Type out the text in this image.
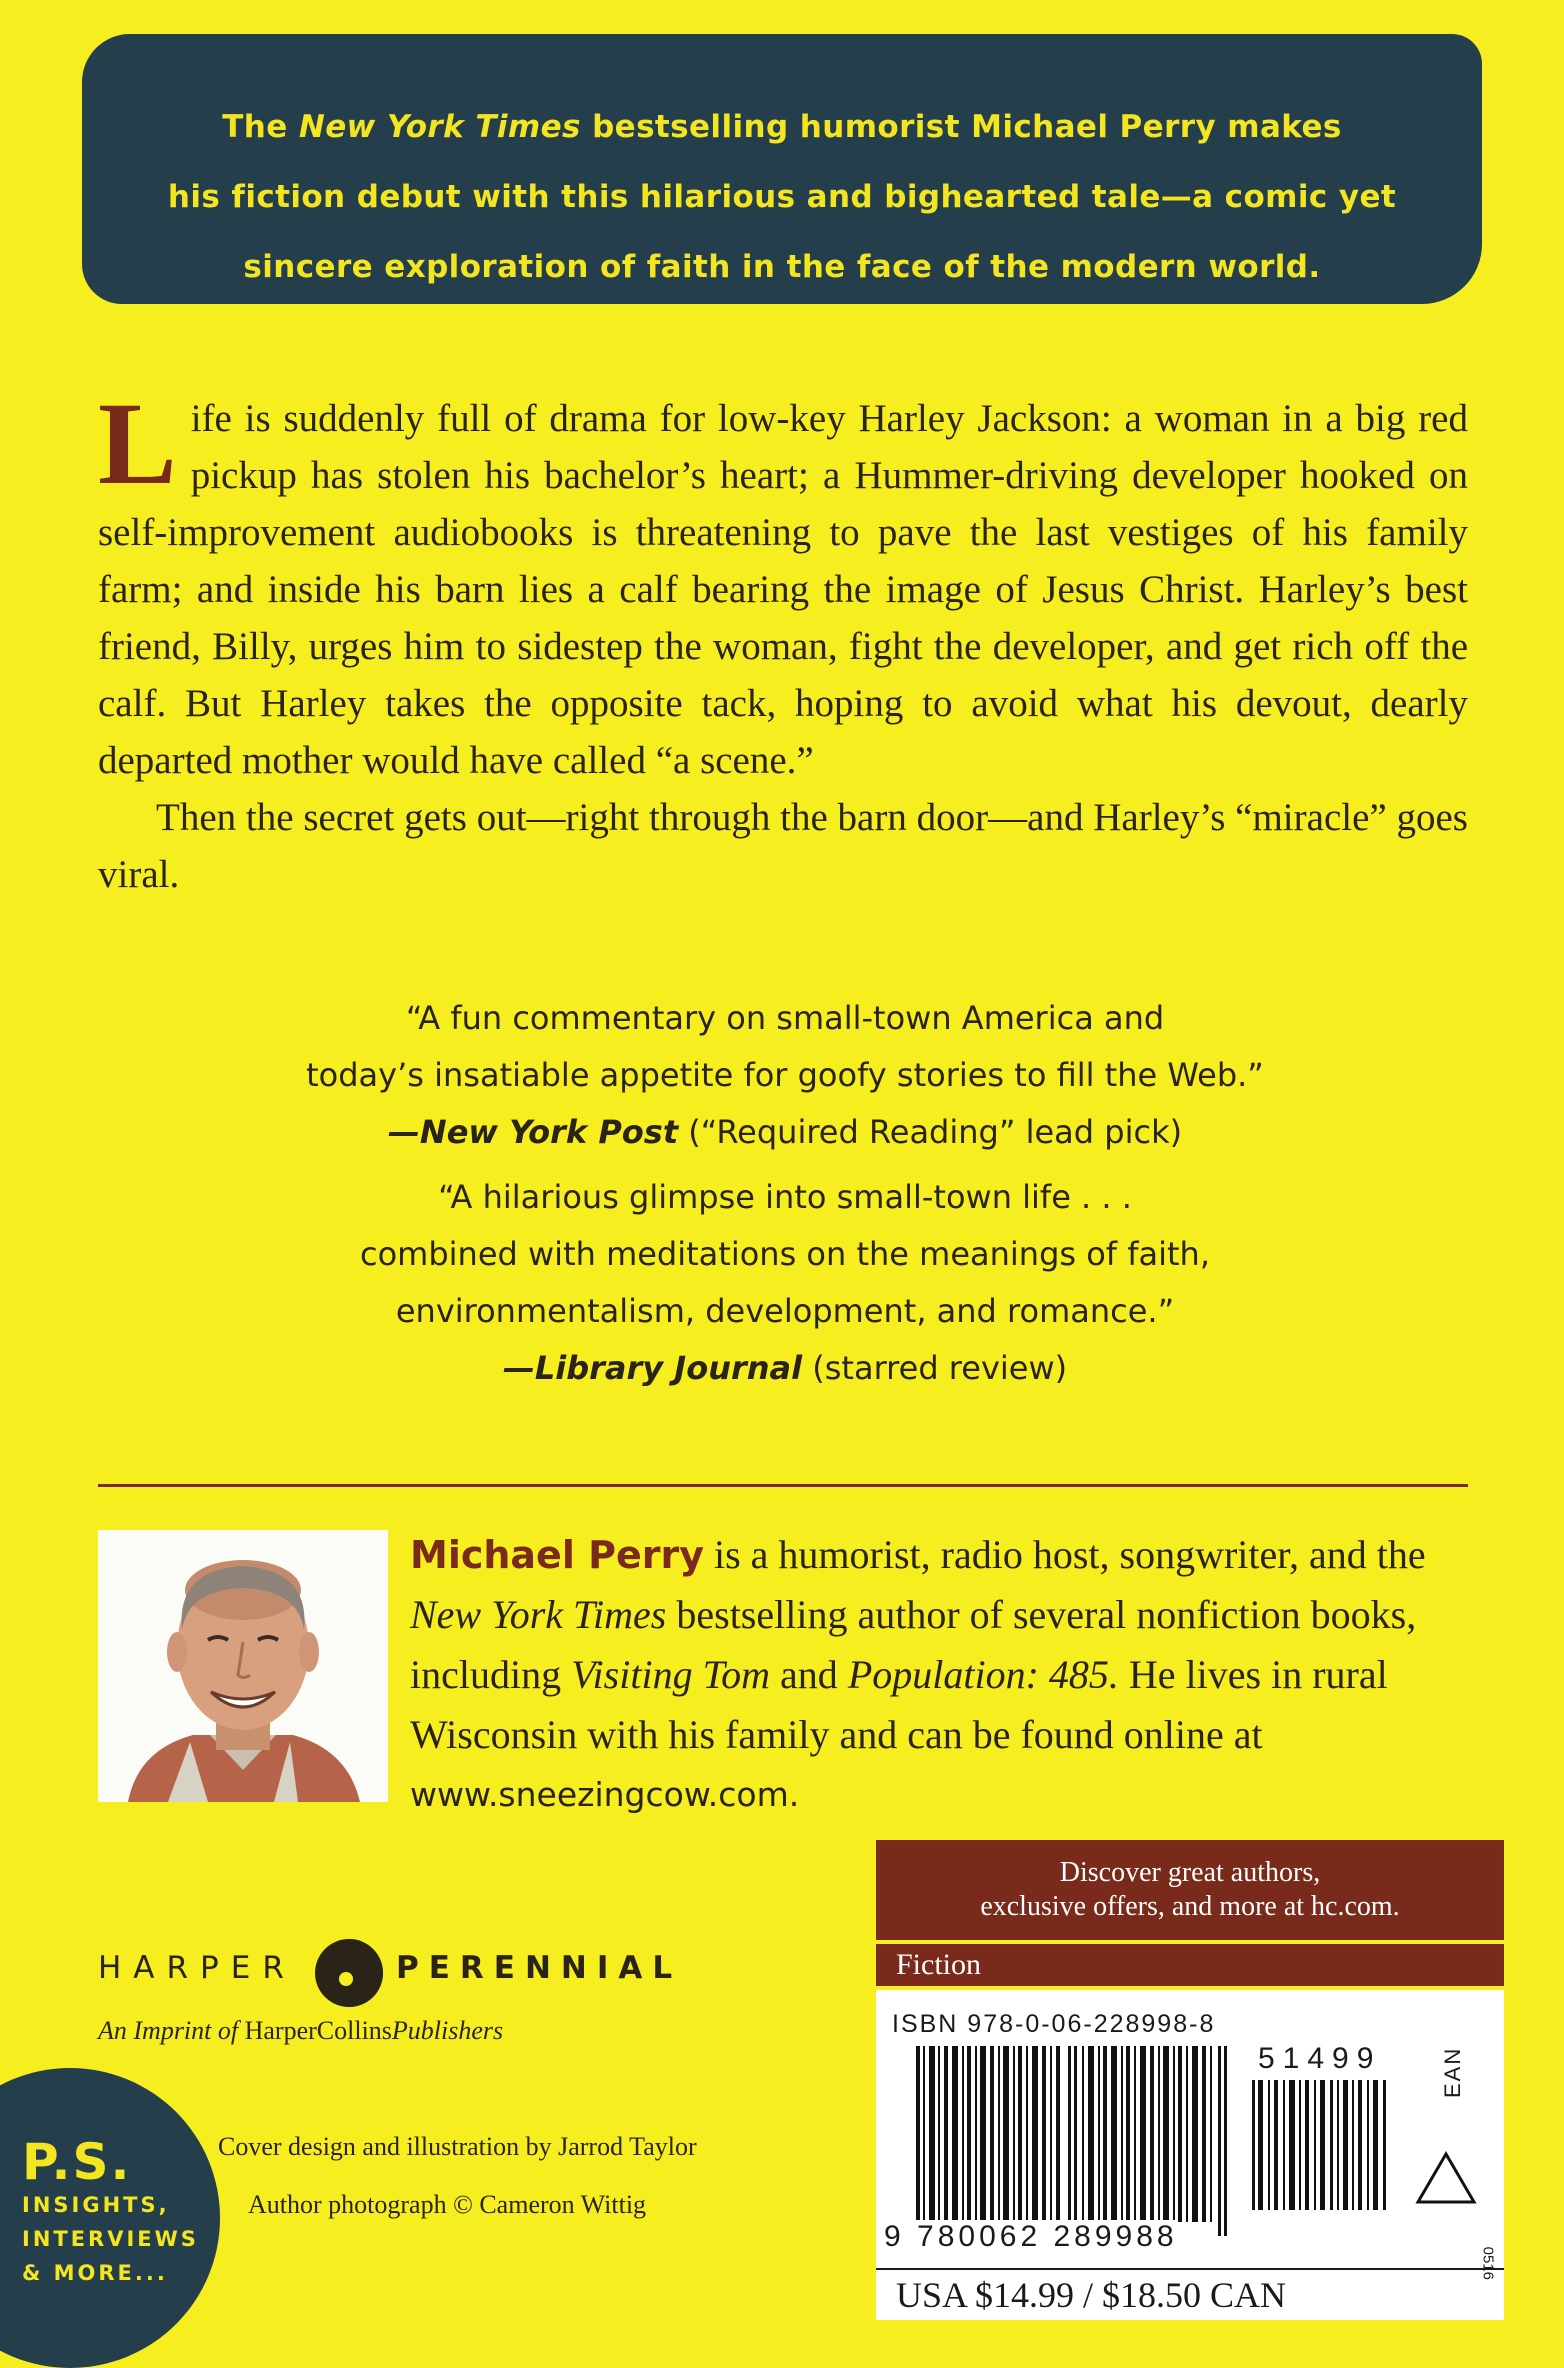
The New York Times bestselling humorist Michael Perry makes

his fiction debut with this hilarious and bighearted tale—a comic yet

sincere exploration of faith in the face of the modern world.

Life is suddenly full of drama for low-key Harley Jackson: a woman in a big red pickup has stolen his bachelor’s heart; a Hummer-driving developer hooked on self-improvement audiobooks is threatening to pave the last vestiges of his family farm; and inside his barn lies a calf bearing the image of Jesus Christ. Harley’s best friend, Billy, urges him to sidestep the woman, fight the developer, and get rich off the calf. But Harley takes the opposite tack, hoping to avoid what his devout, dearly departed mother would have called “a scene.”

Then the secret gets out—right through the barn door—and Harley’s “miracle” goes viral.

“A fun commentary on small-town America and

today’s insatiable appetite for goofy stories to fill the Web.”

—New York Post (“Required Reading” lead pick)

“A hilarious glimpse into small-town life . . .

combined with meditations on the meanings of faith,

environmentalism, development, and romance.”

—Library Journal (starred review)

Michael Perry is a humorist, radio host, songwriter, and the New York Times bestselling author of several nonfiction books, including Visiting Tom and Population: 485. He lives in rural Wisconsin with his family and can be found online at

www.sneezingcow.com.

HARPER	PERENNIAL
An Imprint of HarperCollinsPublishers
P.S.
INSIGHTS,
INTERVIEWS
& MORE...

Cover design and illustration by Jarrod Taylor

Author photograph © Cameron Wittig

Discover great authors,

exclusive offers, and more at hc.com.

Fiction
ISBN 978-0-06-228998-8
9 780062 289988
51499	EAN
USA $14.99 / $18.50 CAN
0516
